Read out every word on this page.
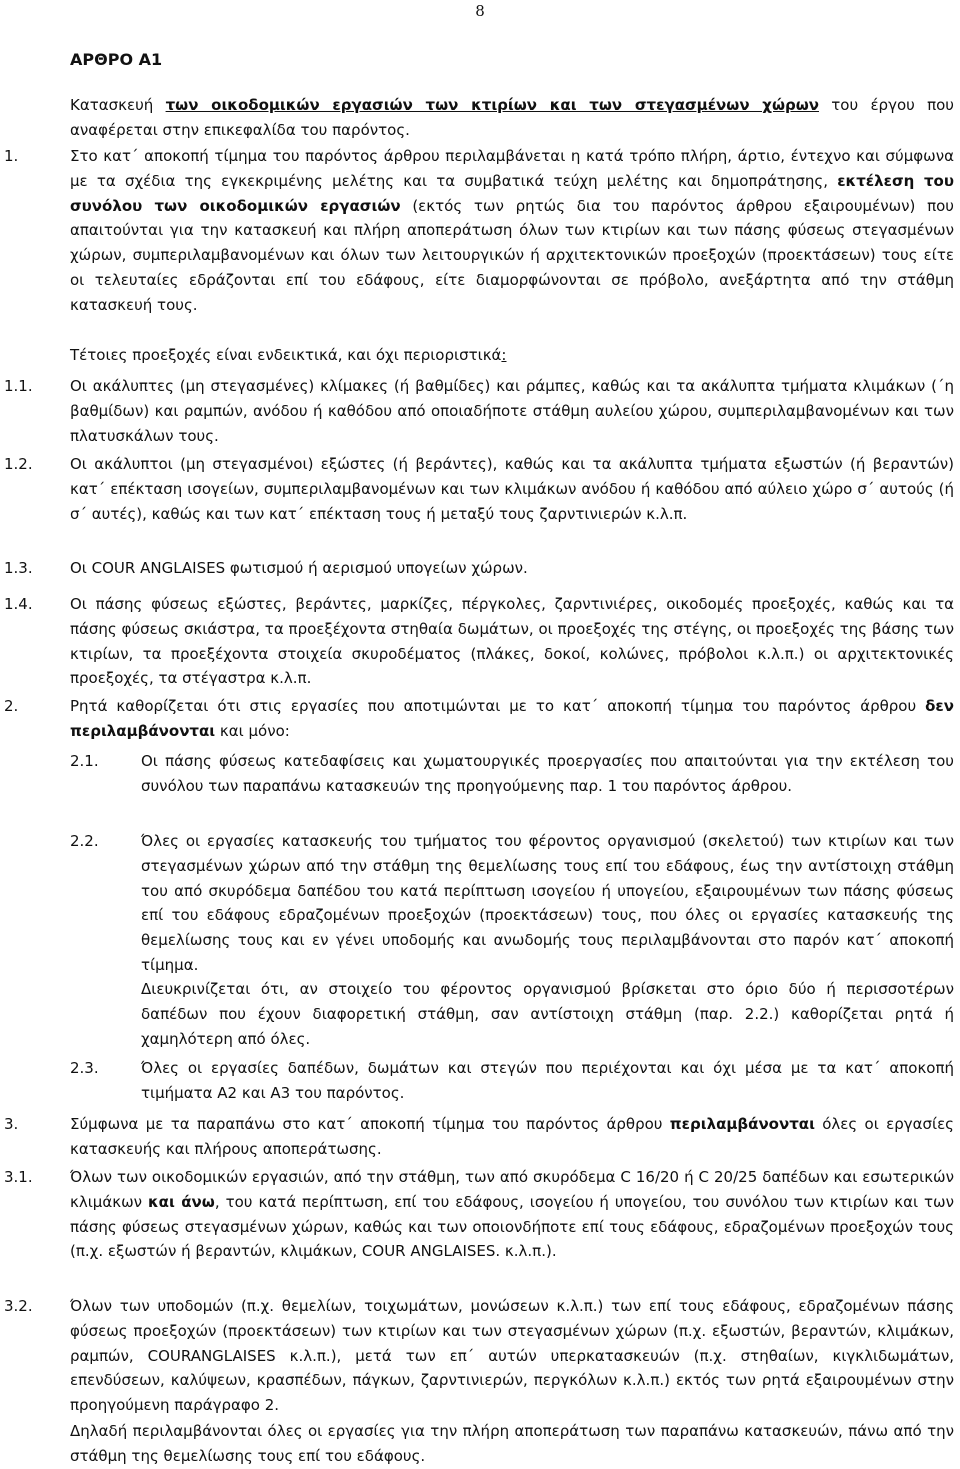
8
ΑΡΘΡΟ Α1

Κατασκευή των οικοδομικών εργασιών των κτιρίων και των στεγασμένων χώρων του έργου που αναφέρεται στην επικεφαλίδα του παρόντος.

1.	Στο κατ΄ αποκοπή τίμημα του παρόντος άρθρου περιλαμβάνεται η κατά τρόπο πλήρη, άρτιο, έντεχνο και σύμφωνα με τα σχέδια της εγκεκριμένης μελέτης και τα συμβατικά τεύχη μελέτης και δημοπράτησης, εκτέλεση του συνόλου των οικοδομικών εργασιών (εκτός των ρητώς δια του παρόντος άρθρου εξαιρουμένων) που απαιτούνται για την κατασκευή και πλήρη αποπεράτωση όλων των κτιρίων και των πάσης φύσεως στεγασμένων χώρων, συμπεριλαμβανομένων και όλων των λειτουργικών ή αρχιτεκτονικών προεξοχών (προεκτάσεων) τους είτε οι τελευταίες εδράζονται επί του εδάφους, είτε διαμορφώνονται σε πρόβολο, ανεξάρτητα από την στάθμη κατασκευή τους.

Τέτοιες προεξοχές είναι ενδεικτικά, και όχι περιοριστικά:

1.1. Οι ακάλυπτες (μη στεγασμένες) κλίμακες (ή βαθμίδες) και ράμπες, καθώς και τα ακάλυπτα τμήματα κλιμάκων (΄η βαθμίδων) και ραμπών, ανόδου ή καθόδου από οποιαδήποτε στάθμη αυλείου χώρου, συμπεριλαμβανομένων και των πλατυσκάλων τους.

1.2. Οι ακάλυπτοι (μη στεγασμένοι) εξώστες (ή βεράντες), καθώς και τα ακάλυπτα τμήματα εξωστών (ή βεραντών) κατ΄ επέκταση ισογείων, συμπεριλαμβανομένων και των κλιμάκων ανόδου ή καθόδου από αύλειο χώρο σ΄ αυτούς (ή σ΄ αυτές), καθώς και των κατ΄ επέκταση τους ή μεταξύ τους ζαρντινιερών κ.λ.π.

1.3. Οι COUR ANGLAISES φωτισμού ή αερισμού υπογείων χώρων.

1.4. Οι πάσης φύσεως εξώστες, βεράντες, μαρκίζες, πέργκολες, ζαρντινιέρες, οικοδομές προεξοχές, καθώς και τα πάσης φύσεως σκιάστρα, τα προεξέχοντα στηθαία δωμάτων, οι προεξοχές της στέγης, οι προεξοχές της βάσης των κτιρίων, τα προεξέχοντα στοιχεία σκυροδέματος (πλάκες, δοκοί, κολώνες, πρόβολοι κ.λ.π.) οι αρχιτεκτονικές προεξοχές, τα στέγαστρα κ.λ.π.

2.	Ρητά καθορίζεται ότι στις εργασίες που αποτιμώνται με το κατ΄ αποκοπή τίμημα του παρόντος άρθρου δεν περιλαμβάνονται και μόνο:

2.1.	Οι πάσης φύσεως κατεδαφίσεις και χωματουργικές προεργασίες που απαιτούνται για την εκτέλεση του συνόλου των παραπάνω κατασκευών της προηγούμενης παρ. 1 του παρόντος άρθρου.

2.2.	Όλες οι εργασίες κατασκευής του τμήματος του φέροντος οργανισμού (σκελετού) των κτιρίων και των στεγασμένων χώρων από την στάθμη της θεμελίωσης τους επί του εδάφους, έως την αντίστοιχη στάθμη του από σκυρόδεμα δαπέδου του κατά περίπτωση ισογείου ή υπογείου, εξαιρουμένων των πάσης φύσεως επί του εδάφους εδραζομένων προεξοχών (προεκτάσεων) τους, που όλες οι εργασίες κατασκευής της θεμελίωσης τους και εν γένει υποδομής και ανωδομής τους περιλαμβάνονται στο παρόν κατ΄ αποκοπή τίμημα.

Διευκρινίζεται ότι, αν στοιχείο του φέροντος οργανισμού βρίσκεται στο όριο δύο ή περισσοτέρων δαπέδων που έχουν διαφορετική στάθμη, σαν αντίστοιχη στάθμη (παρ. 2.2.) καθορίζεται ρητά ή χαμηλότερη από όλες.

2.3.	Όλες οι εργασίες δαπέδων, δωμάτων και στεγών που περιέχονται και όχι μέσα με τα κατ΄ αποκοπή τιμήματα Α2 και Α3 του παρόντος.

3.	Σύμφωνα με τα παραπάνω στο κατ΄ αποκοπή τίμημα του παρόντος άρθρου περιλαμβάνονται όλες οι εργασίες κατασκευής και πλήρους αποπεράτωσης.

3.1. Όλων των οικοδομικών εργασιών, από την στάθμη, των από σκυρόδεμα C 16/20 ή C 20/25 δαπέδων και εσωτερικών κλιμάκων και άνω, του κατά περίπτωση, επί του εδάφους, ισογείου ή υπογείου, του συνόλου των κτιρίων και των πάσης φύσεως στεγασμένων χώρων, καθώς και των οποιονδήποτε επί τους εδάφους, εδραζομένων προεξοχών τους (π.χ. εξωστών ή βεραντών, κλιμάκων, COUR ANGLAISES. κ.λ.π.).

3.2. Όλων των υποδομών (π.χ. θεμελίων, τοιχωμάτων, μονώσεων κ.λ.π.) των επί τους εδάφους, εδραζομένων πάσης φύσεως προεξοχών (προεκτάσεων) των κτιρίων και των στεγασμένων χώρων (π.χ. εξωστών, βεραντών, κλιμάκων, ραμπών, COURANGLAISES κ.λ.π.), μετά των επ΄ αυτών υπερκατασκευών (π.χ. στηθαίων, κιγκλιδωμάτων, επενδύσεων, καλύψεων, κρασπέδων, πάγκων, ζαρντινιερών, περγκόλων κ.λ.π.) εκτός των ρητά εξαιρουμένων στην προηγούμενη παράγραφο 2.

Δηλαδή περιλαμβάνονται όλες οι εργασίες για την πλήρη αποπεράτωση των παραπάνω κατασκευών, πάνω από την στάθμη της θεμελίωσης τους επί του εδάφους.
